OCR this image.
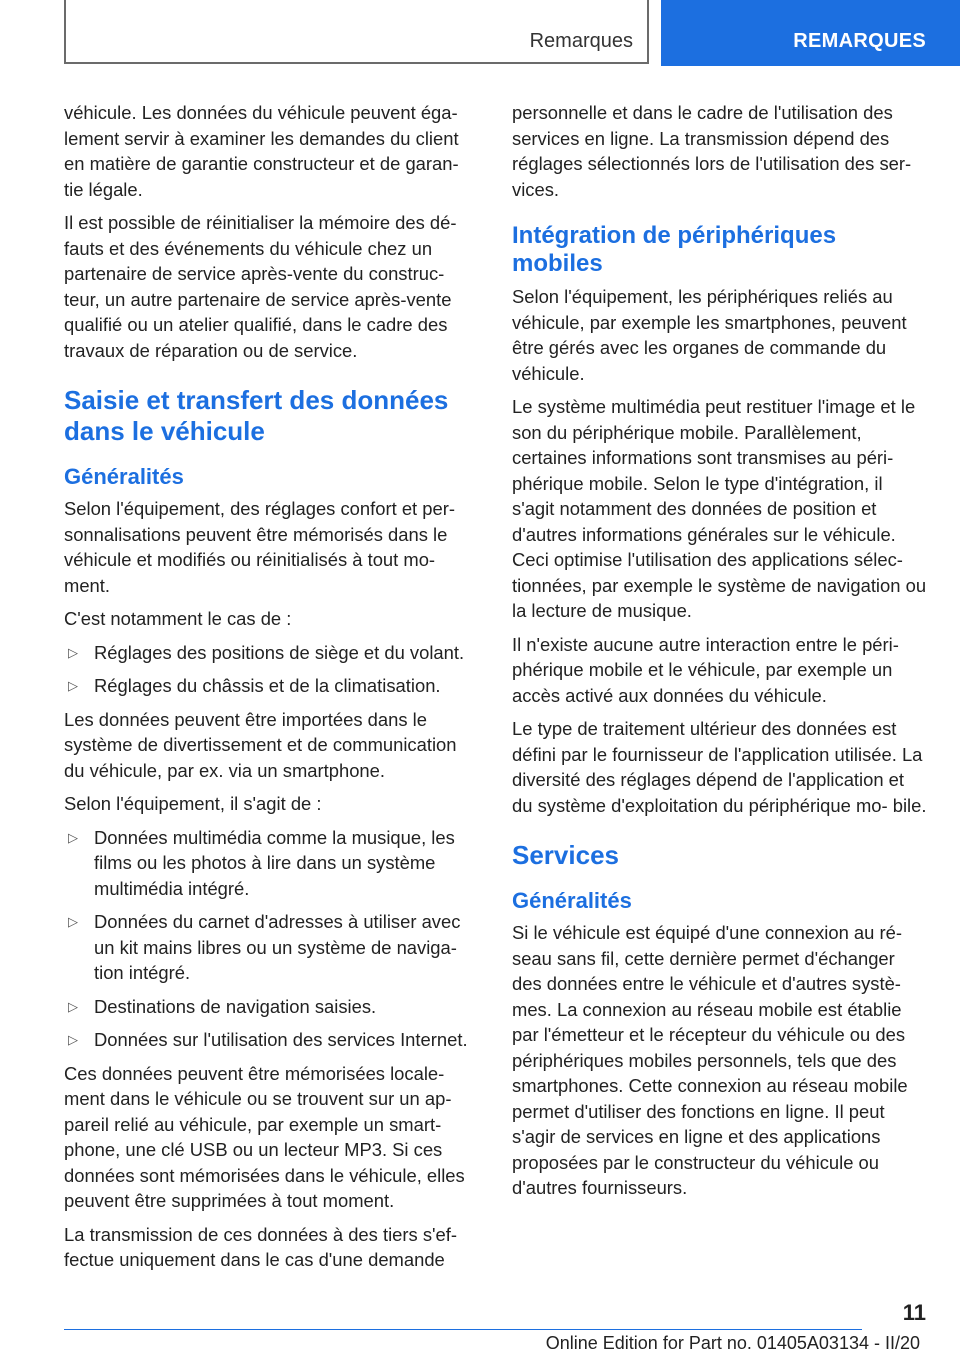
Remarques	REMARQUES

véhicule. Les données du véhicule peuvent éga- lement servir à examiner les demandes du client en matière de garantie constructeur et de garan- tie légale.

Il est possible de réinitialiser la mémoire des dé- fauts et des événements du véhicule chez un partenaire de service après-vente du construc- teur, un autre partenaire de service après-vente qualifié ou un atelier qualifié, dans le cadre des travaux de réparation ou de service.

Saisie et transfert des données dans le véhicule
Généralités

Selon l'équipement, des réglages confort et per- sonnalisations peuvent être mémorisés dans le véhicule et modifiés ou réinitialisés à tout mo- ment.

C'est notamment le cas de :

▷ Réglages des positions de siège et du volant.
▷ Réglages du châssis et de la climatisation.

Les données peuvent être importées dans le système de divertissement et de communication du véhicule, par ex. via un smartphone.

Selon l'équipement, il s'agit de :

▷ Données multimédia comme la musique, les films ou les photos à lire dans un système multimédia intégré.
▷ Données du carnet d'adresses à utiliser avec un kit mains libres ou un système de naviga- tion intégré.
▷ Destinations de navigation saisies.
▷ Données sur l'utilisation des services Internet.

Ces données peuvent être mémorisées locale- ment dans le véhicule ou se trouvent sur un ap- pareil relié au véhicule, par exemple un smart- phone, une clé USB ou un lecteur MP3. Si ces données sont mémorisées dans le véhicule, elles peuvent être supprimées à tout moment.

La transmission de ces données à des tiers s'ef- fectue uniquement dans le cas d'une demande

personnelle et dans le cadre de l'utilisation des services en ligne. La transmission dépend des réglages sélectionnés lors de l'utilisation des ser- vices.

Intégration de périphériques mobiles

Selon l'équipement, les périphériques reliés au véhicule, par exemple les smartphones, peuvent être gérés avec les organes de commande du véhicule.

Le système multimédia peut restituer l'image et le son du périphérique mobile. Parallèlement, certaines informations sont transmises au péri- phérique mobile. Selon le type d'intégration, il s'agit notamment des données de position et d'autres informations générales sur le véhicule. Ceci optimise l'utilisation des applications sélec- tionnées, par exemple le système de navigation ou la lecture de musique.

Il n'existe aucune autre interaction entre le péri- phérique mobile et le véhicule, par exemple un accès activé aux données du véhicule.

Le type de traitement ultérieur des données est défini par le fournisseur de l'application utilisée. La diversité des réglages dépend de l'application et du système d'exploitation du périphérique mo- bile.

Services
Généralités

Si le véhicule est équipé d'une connexion au ré- seau sans fil, cette dernière permet d'échanger des données entre le véhicule et d'autres systè- mes. La connexion au réseau mobile est établie par l'émetteur et le récepteur du véhicule ou des périphériques mobiles personnels, tels que des smartphones. Cette connexion au réseau mobile permet d'utiliser des fonctions en ligne. Il peut s'agir de services en ligne et des applications proposées par le constructeur du véhicule ou d'autres fournisseurs.

11
Online Edition for Part no. 01405A03134 - II/20
